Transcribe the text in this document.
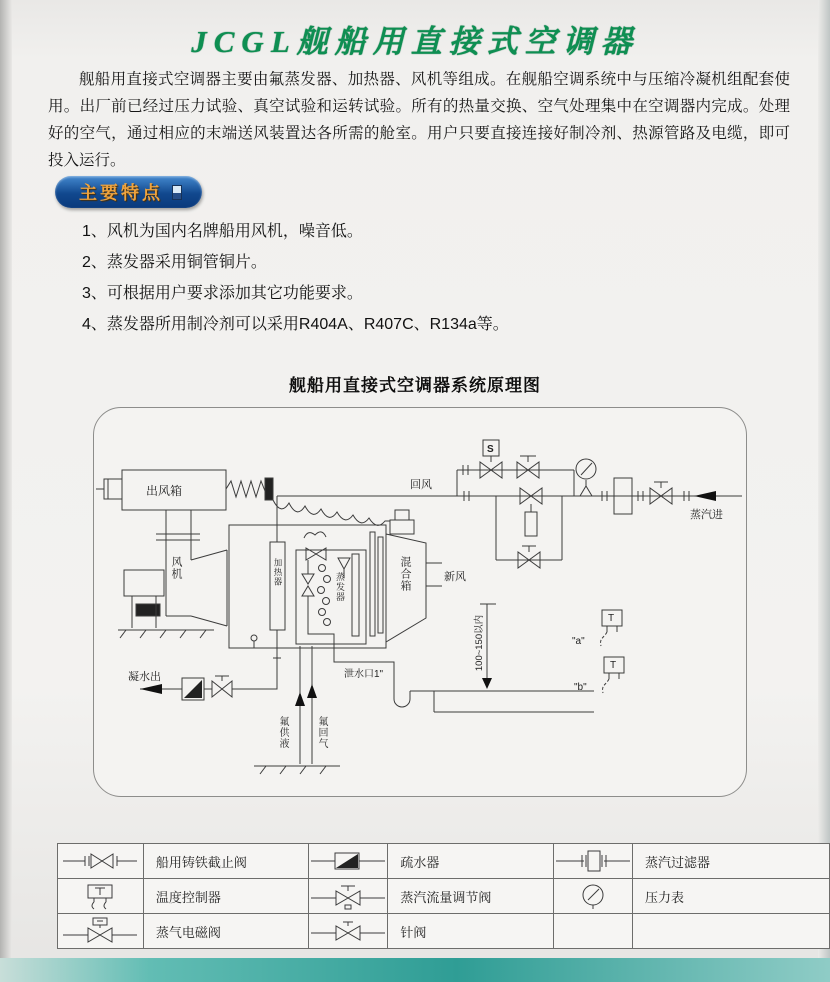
JCGL舰船用直接式空调器
舰船用直接式空调器主要由氟蒸发器、加热器、风机等组成。在舰船空调系统中与压缩冷凝机组配套使用。出厂前已经过压力试验、真空试验和运转试验。所有的热量交换、空气处理集中在空调器内完成。处理好的空气，通过相应的末端送风装置达各所需的舱室。用户只要直接连接好制冷剂、热源管路及电缆，即可投入运行。
主要特点
1、风机为国内名牌船用风机，噪音低。
2、蒸发器采用铜管铜片。
3、可根据用户要求添加其它功能要求。
4、蒸发器所用制冷剂可以采用R404A、R407C、R134a等。
舰船用直接式空调器系统原理图
出风箱
风机	加热器	蒸发器	混合箱	新风
回风
蒸汽进
凝水出	泄水口1"
100~150以内
氟供液	氟回气
S
T
T
"a"
"b"
	船用铸铁截止阀		疏水器		蒸汽过滤器

	温度控制器		蒸汽流量调节阀		压力表

	蒸气电磁阀		针阀		
